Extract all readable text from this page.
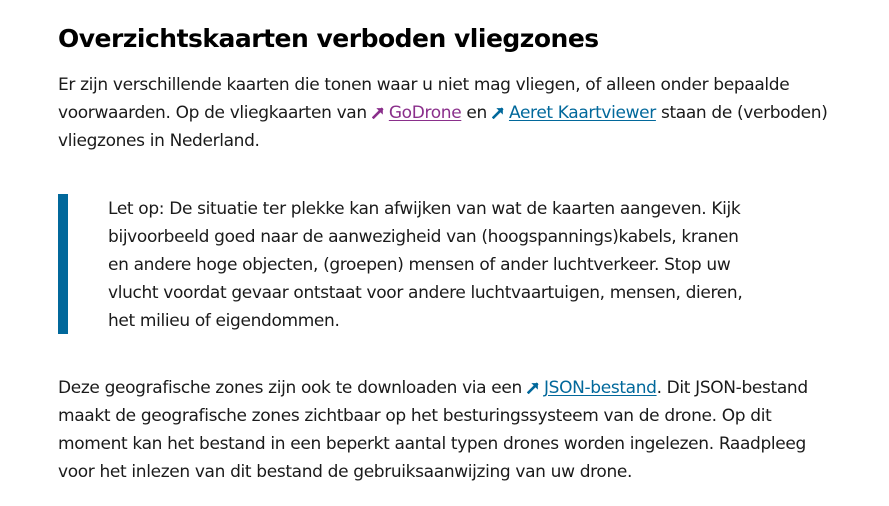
Overzichtskaarten verboden vliegzones

Er zijn verschillende kaarten die tonen waar u niet mag vliegen, of alleen onder bepaalde
voorwaarden. Op de vliegkaarten van GoDrone en Aeret Kaartviewer staan de (verboden)
vliegzones in Nederland.

Let op: De situatie ter plekke kan afwijken van wat de kaarten aangeven. Kijk
bijvoorbeeld goed naar de aanwezigheid van (hoogspannings)kabels, kranen
en andere hoge objecten, (groepen) mensen of ander luchtverkeer. Stop uw
vlucht voordat gevaar ontstaat voor andere luchtvaartuigen, mensen, dieren,
het milieu of eigendommen.

Deze geografische zones zijn ook te downloaden via een JSON-bestand. Dit JSON-bestand
maakt de geografische zones zichtbaar op het besturingssysteem van de drone. Op dit
moment kan het bestand in een beperkt aantal typen drones worden ingelezen. Raadpleeg
voor het inlezen van dit bestand de gebruiksaanwijzing van uw drone.
